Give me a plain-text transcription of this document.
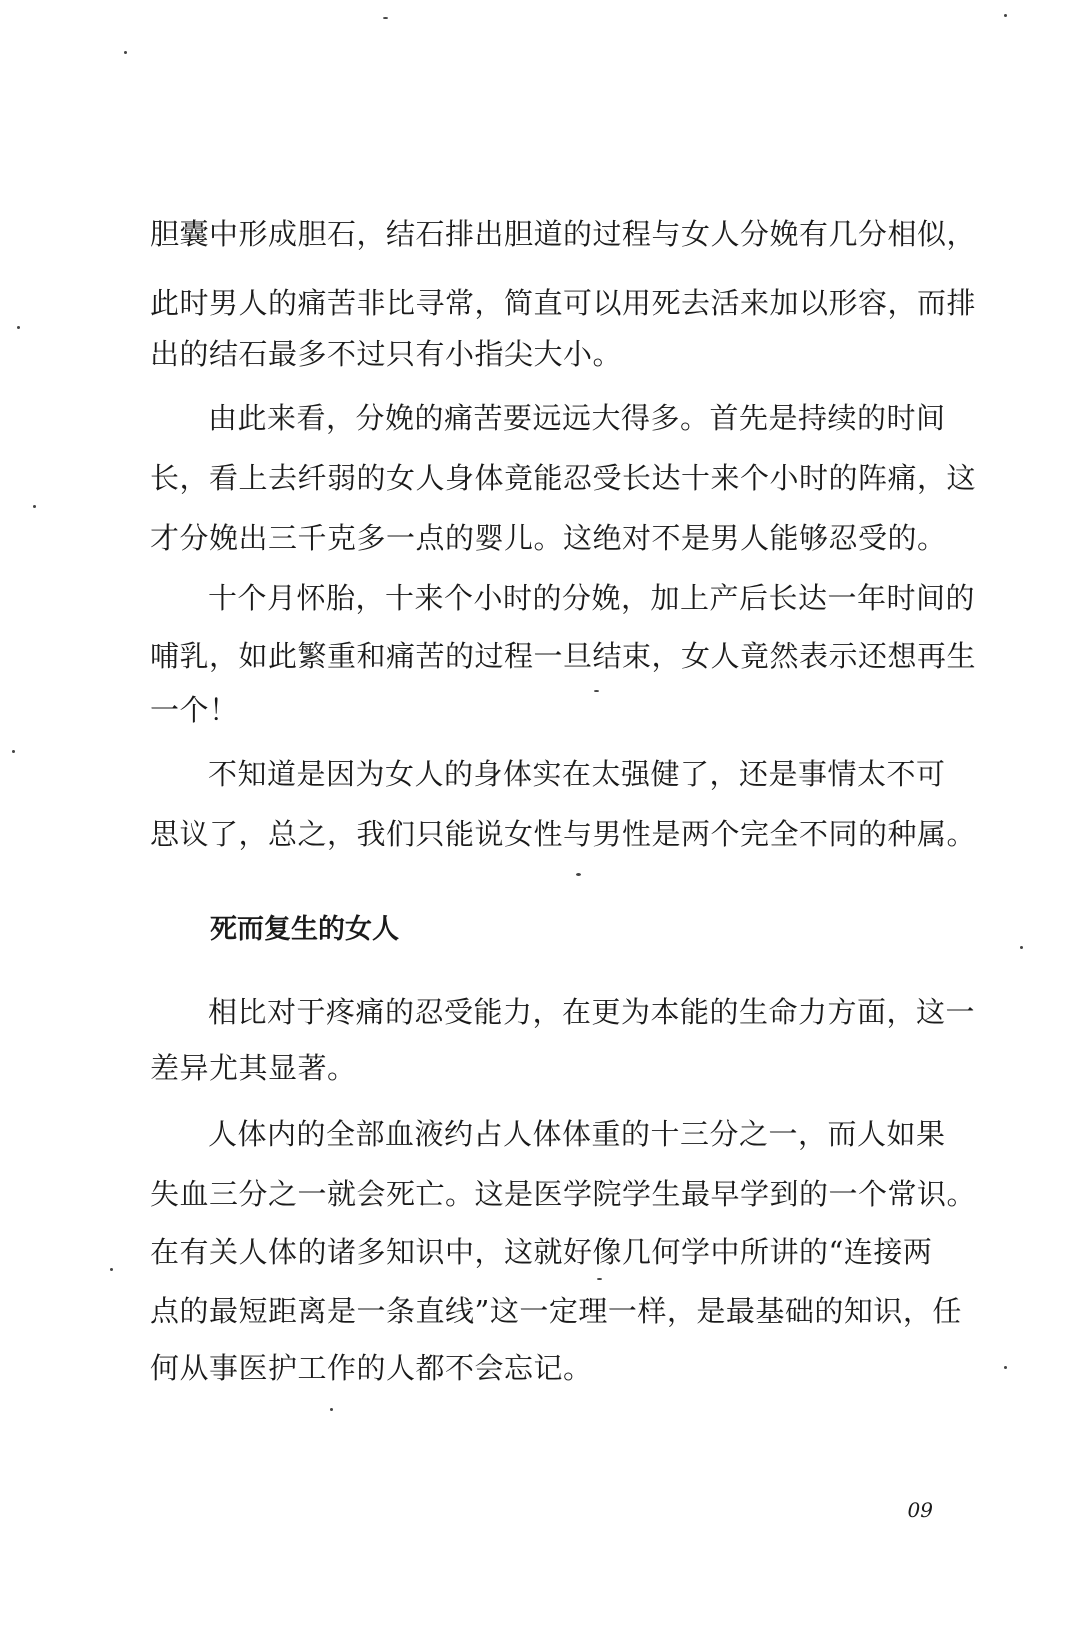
胆囊中形成胆石，结石排出胆道的过程与女人分娩有几分相似，
此时男人的痛苦非比寻常，简直可以用死去活来加以形容，而排
出的结石最多不过只有小指尖大小。
由此来看，分娩的痛苦要远远大得多。首先是持续的时间
长，看上去纤弱的女人身体竟能忍受长达十来个小时的阵痛，这
才分娩出三千克多一点的婴儿。这绝对不是男人能够忍受的。
十个月怀胎，十来个小时的分娩，加上产后长达一年时间的
哺乳，如此繁重和痛苦的过程一旦结束，女人竟然表示还想再生
一个！
不知道是因为女人的身体实在太强健了，还是事情太不可
思议了，总之，我们只能说女性与男性是两个完全不同的种属。
死而复生的女人
相比对于疼痛的忍受能力，在更为本能的生命力方面，这一
差异尤其显著。
人体内的全部血液约占人体体重的十三分之一，而人如果
失血三分之一就会死亡。这是医学院学生最早学到的一个常识。
在有关人体的诸多知识中，这就好像几何学中所讲的“连接两
点的最短距离是一条直线”这一定理一样，是最基础的知识，任
何从事医护工作的人都不会忘记。
09
